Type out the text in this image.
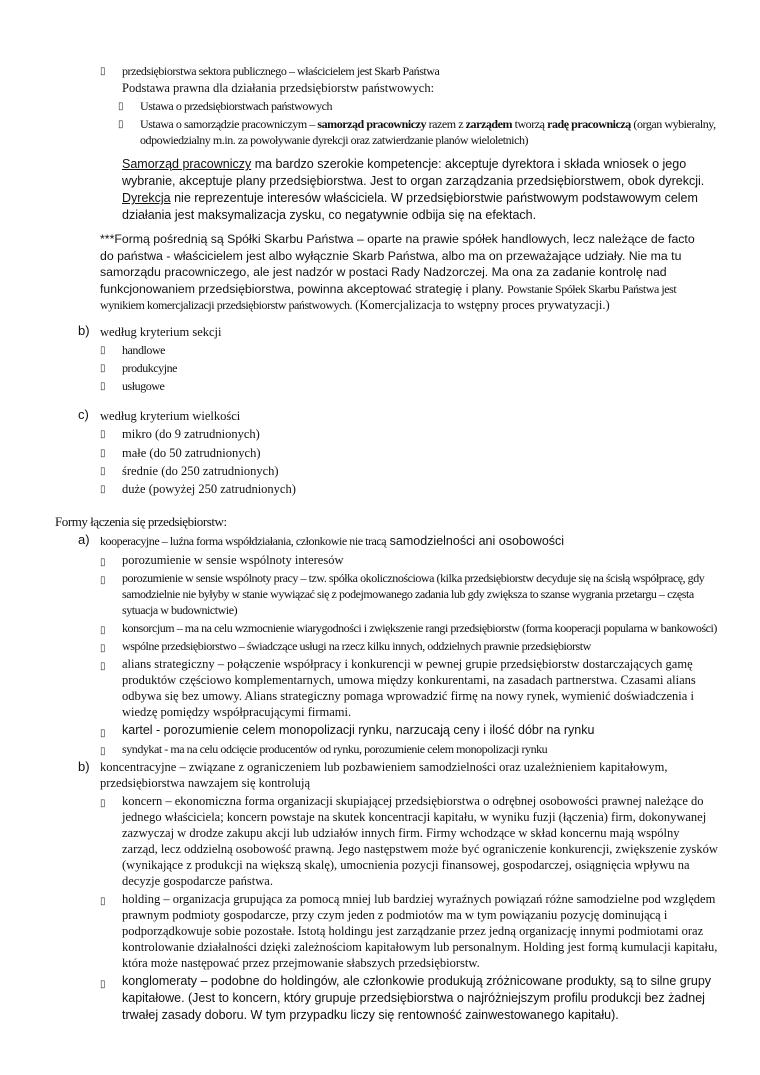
▯ przedsiębiorstwa sektora publicznego – właścicielem jest Skarb Państwa
Podstawa prawna dla działania przedsiębiorstw państwowych:
▯ Ustawa o przedsiębiorstwach państwowych
▯ Ustawa o samorządzie pracowniczym – samorząd pracowniczy razem z zarządem tworzą radę pracowniczą (organ wybieralny, odpowiedzialny m.in. za powoływanie dyrekcji oraz zatwierdzanie planów wieloletnich)
Samorząd pracowniczy ma bardzo szerokie kompetencje: akceptuje dyrektora i składa wniosek o jego wybranie, akceptuje plany przedsiębiorstwa. Jest to organ zarządzania przedsiębiorstwem, obok dyrekcji. Dyrekcja nie reprezentuje interesów właściciela. W przedsiębiorstwie państwowym podstawowym celem działania jest maksymalizacja zysku, co negatywnie odbija się na efektach.
***Formą pośrednią są Spółki Skarbu Państwa – oparte na prawie spółek handlowych, lecz należące de facto do państwa - właścicielem jest albo wyłącznie Skarb Państwa, albo ma on przeważające udziały. Nie ma tu samorządu pracowniczego, ale jest nadzór w postaci Rady Nadzorczej. Ma ona za zadanie kontrolę nad funkcjonowaniem przedsiębiorstwa, powinna akceptować strategię i plany. Powstanie Spółek Skarbu Państwa jest wynikiem komercjalizacji przedsiębiorstw państwowych. (Komercjalizacja to wstępny proces prywatyzacji.)
b) według kryterium sekcji
▯ handlowe
▯ produkcyjne
▯ usługowe
c) według kryterium wielkości
▯ mikro (do 9 zatrudnionych)
▯ małe (do 50 zatrudnionych)
▯ średnie (do 250 zatrudnionych)
▯ duże (powyżej 250 zatrudnionych)
Formy łączenia się przedsiębiorstw:
a) kooperacyjne – luźna forma współdziałania, członkowie nie tracą samodzielności ani osobowości
▯ porozumienie w sensie wspólnoty interesów
▯ porozumienie w sensie wspólnoty pracy – tzw. spółka okolicznościowa (kilka przedsiębiorstw decyduje się na ścisłą współpracę, gdy samodzielnie nie byłyby w stanie wywiązać się z podejmowanego zadania lub gdy zwiększa to szanse wygrania przetargu – częsta sytuacja w budownictwie)
▯ konsorcjum – ma na celu wzmocnienie wiarygodności i zwiększenie rangi przedsiębiorstw (forma kooperacji popularna w bankowości)
▯ wspólne przedsiębiorstwo – świadczące usługi na rzecz kilku innych, oddzielnych prawnie przedsiębiorstw
▯ alians strategiczny – połączenie współpracy i konkurencji w pewnej grupie przedsiębiorstw dostarczających gamę produktów częściowo komplementarnych, umowa między konkurentami, na zasadach partnerstwa. Czasami alians odbywa się bez umowy. Alians strategiczny pomaga wprowadzić firmę na nowy rynek, wymienić doświadczenia i wiedzę pomiędzy współpracującymi firmami.
▯ kartel - porozumienie celem monopolizacji rynku, narzucają ceny i ilość dóbr na rynku
▯ syndykat - ma na celu odcięcie producentów od rynku, porozumienie celem monopolizacji rynku
b) koncentracyjne – związane z ograniczeniem lub pozbawieniem samodzielności oraz uzależnieniem kapitałowym, przedsiębiorstwa nawzajem się kontrolują
▯ koncern – ekonomiczna forma organizacji skupiającej przedsiębiorstwa o odrębnej osobowości prawnej należące do jednego właściciela; koncern powstaje na skutek koncentracji kapitału, w wyniku fuzji (łączenia) firm, dokonywanej zazwyczaj w drodze zakupu akcji lub udziałów innych firm. Firmy wchodzące w skład koncernu mają wspólny zarząd, lecz oddzielną osobowość prawną. Jego następstwem może być ograniczenie konkurencji, zwiększenie zysków (wynikające z produkcji na większą skalę), umocnienia pozycji finansowej, gospodarczej, osiągnięcia wpływu na decyzje gospodarcze państwa.
▯ holding – organizacja grupująca za pomocą mniej lub bardziej wyraźnych powiązań różne samodzielne pod względem prawnym podmioty gospodarcze, przy czym jeden z podmiotów ma w tym powiązaniu pozycję dominującą i podporządkowuje sobie pozostałe. Istotą holdingu jest zarządzanie przez jedną organizację innymi podmiotami oraz kontrolowanie działalności dzięki zależnościom kapitałowym lub personalnym. Holding jest formą kumulacji kapitału, która może następować przez przejmowanie słabszych przedsiębiorstw.
▯ konglomeraty – podobne do holdingów, ale członkowie produkują zróżnicowane produkty, są to silne grupy kapitałowe. (Jest to koncern, który grupuje przedsiębiorstwa o najróżniejszym profilu produkcji bez żadnej trwałej zasady doboru. W tym przypadku liczy się rentowność zainwestowanego kapitału).
